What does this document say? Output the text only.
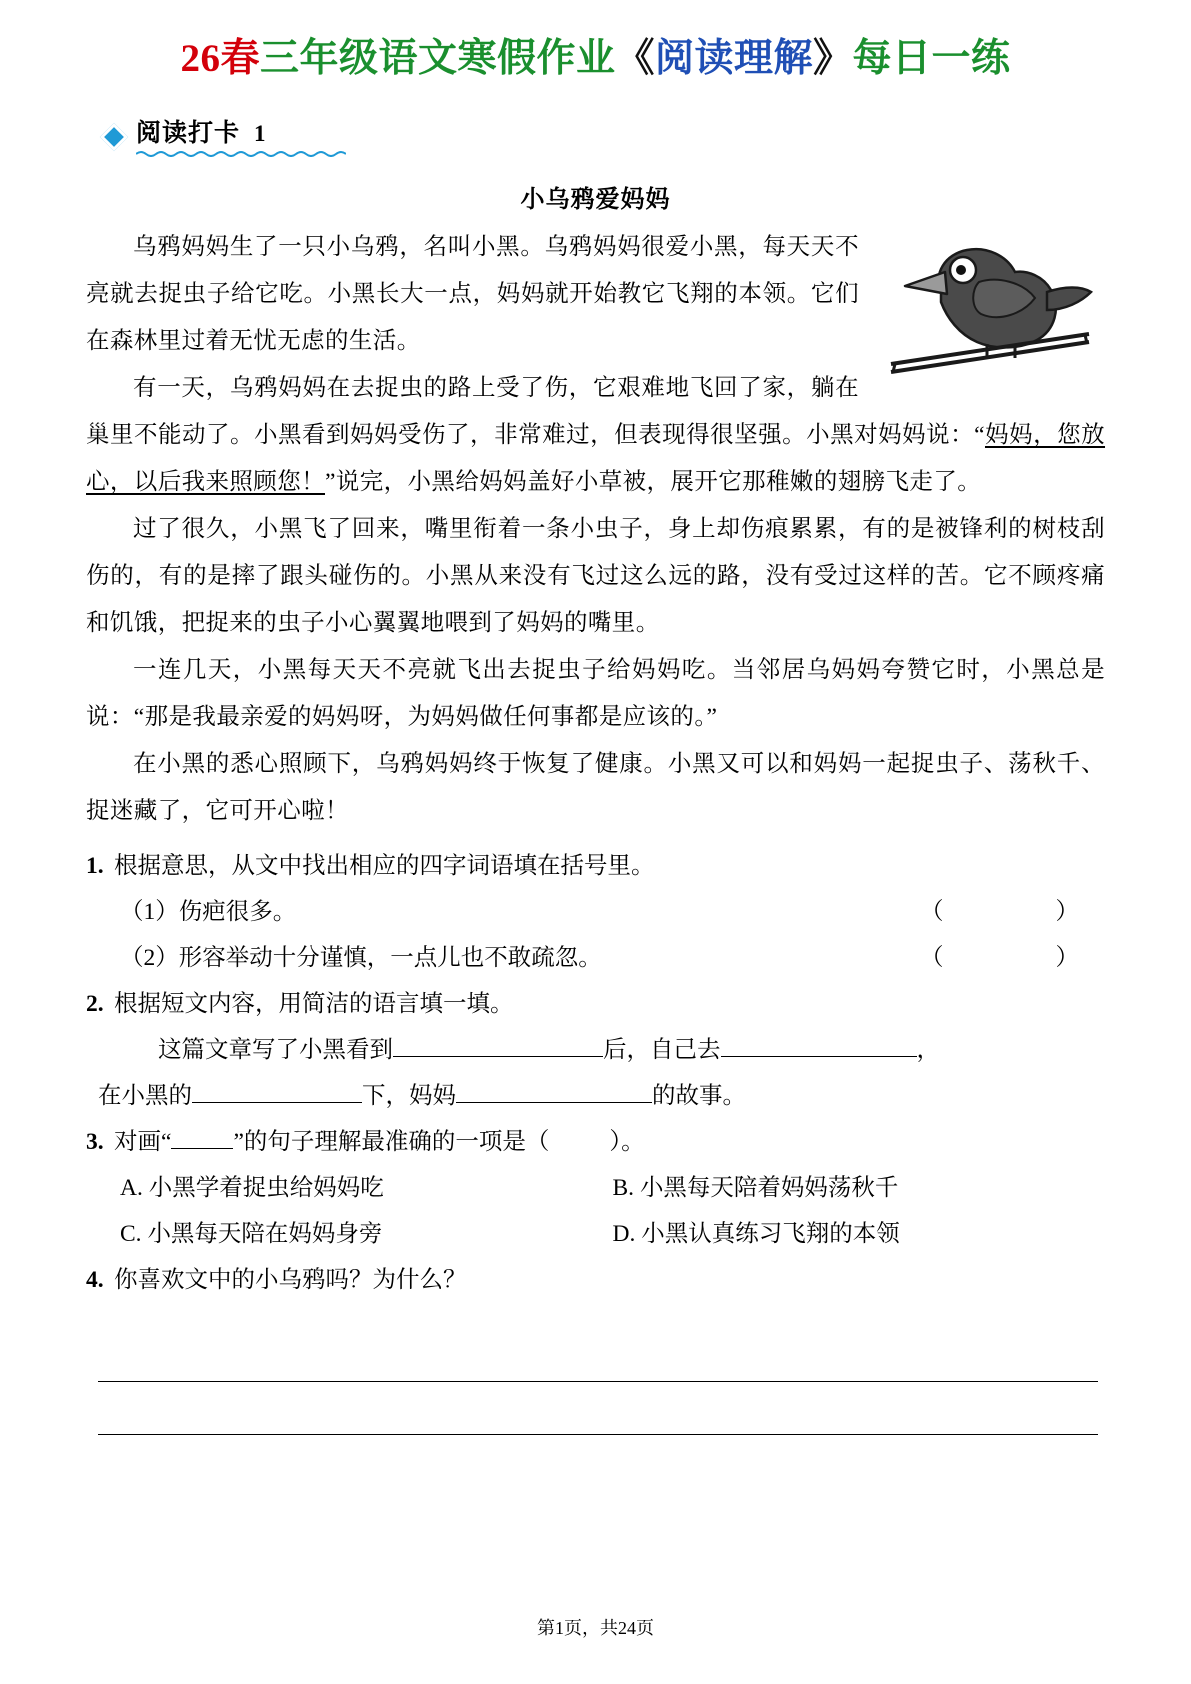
26春三年级语文寒假作业《阅读理解》每日一练
阅读打卡 1
小乌鸦爱妈妈

乌鸦妈妈生了一只小乌鸦，名叫小黑。乌鸦妈妈很爱小黑，每天天不亮就去捉虫子给它吃。小黑长大一点，妈妈就开始教它飞翔的本领。它们在森林里过着无忧无虑的生活。

有一天，乌鸦妈妈在去捉虫的路上受了伤，它艰难地飞回了家，躺在巢里不能动了。小黑看到妈妈受伤了，非常难过，但表现得很坚强。小黑对妈妈说：“妈妈，您放心，以后我来照顾您！”说完，小黑给妈妈盖好小草被，展开它那稚嫩的翅膀飞走了。

过了很久，小黑飞了回来，嘴里衔着一条小虫子，身上却伤痕累累，有的是被锋利的树枝刮伤的，有的是摔了跟头碰伤的。小黑从来没有飞过这么远的路，没有受过这样的苦。它不顾疼痛和饥饿，把捉来的虫子小心翼翼地喂到了妈妈的嘴里。

一连几天，小黑每天天不亮就飞出去捉虫子给妈妈吃。当邻居乌妈妈夸赞它时，小黑总是说：“那是我最亲爱的妈妈呀，为妈妈做任何事都是应该的。”

在小黑的悉心照顾下，乌鸦妈妈终于恢复了健康。小黑又可以和妈妈一起捉虫子、荡秋千、捉迷藏了，它可开心啦！

1. 根据意思，从文中找出相应的四字词语填在括号里。
（1）伤疤很多。	（	）
（2）形容举动十分谨慎，一点儿也不敢疏忽。	（	）
2. 根据短文内容，用简洁的语言填一填。
这篇文章写了小黑看到	后，自己去	，
在小黑的	下，妈妈	的故事。
3. 对画“	”的句子理解最准确的一项是（	）。
A. 小黑学着捉虫给妈妈吃	B. 小黑每天陪着妈妈荡秋千
C. 小黑每天陪在妈妈身旁	D. 小黑认真练习飞翔的本领
4. 你喜欢文中的小乌鸦吗？为什么？
第1页，共24页
